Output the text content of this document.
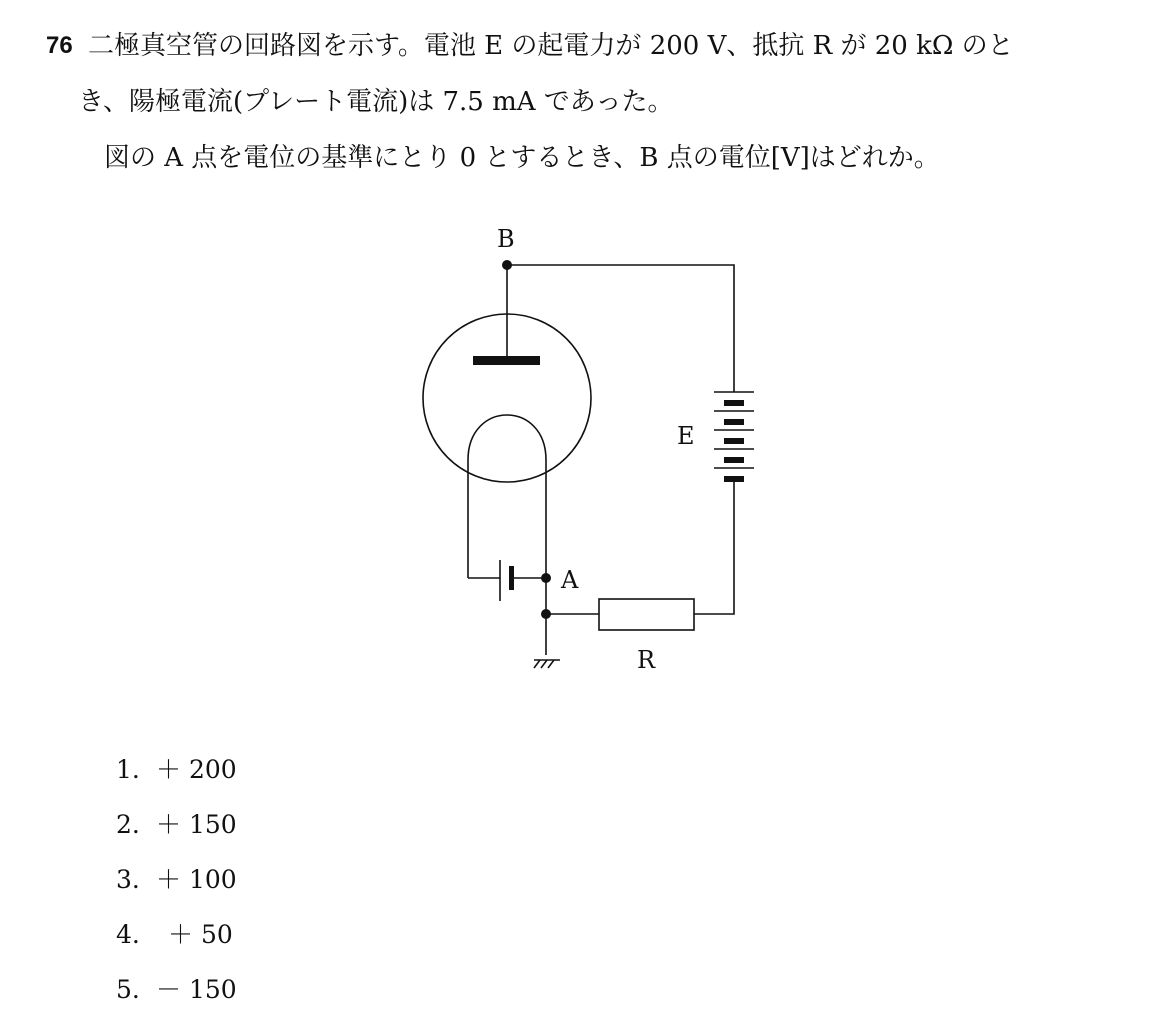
76 二極真空管の回路図を示す。電池 E の起電力が 200 V、抵抗 R が 20 kΩ のと
き、陽極電流(プレート電流)は 7.5 mA であった。
図の A 点を電位の基準にとり 0 とするとき、B 点の電位[V]はどれか。
B
A
E
R
1. ＋ 200
2. ＋ 150
3. ＋ 100
4. ＋ 50
5. － 150
